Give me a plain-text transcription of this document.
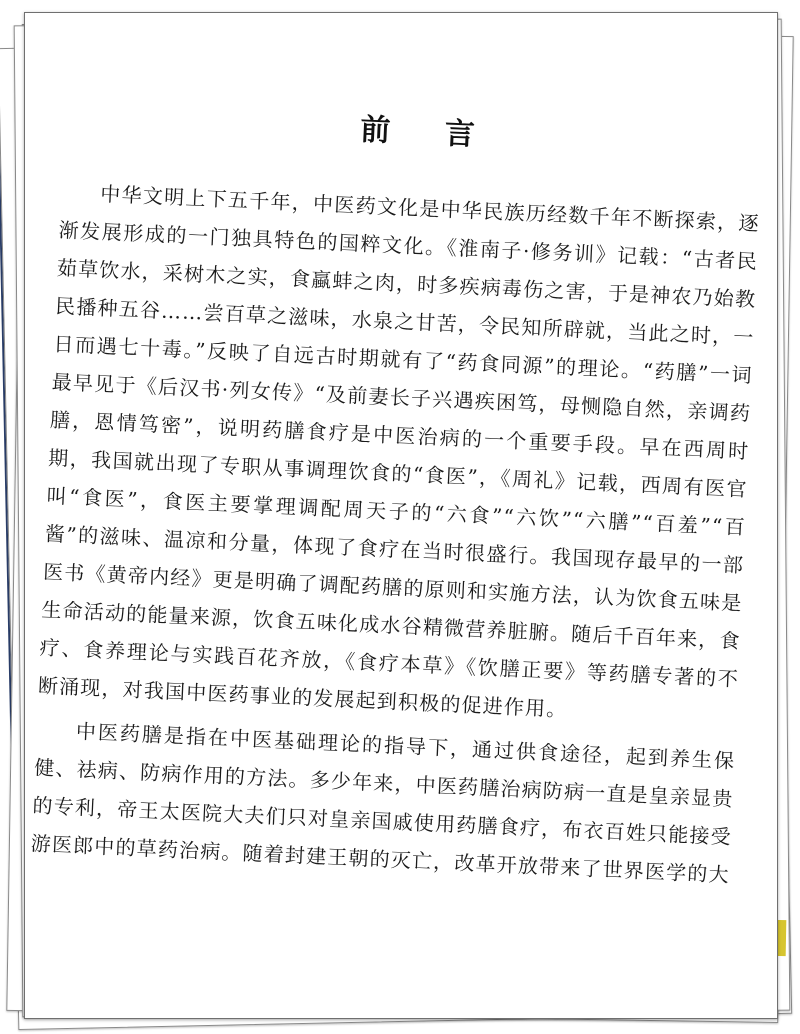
前 言

中华文明上下五千年，中医药文化是中华民族历经数千年不断探索，逐渐发展形成的一门独具特色的国粹文化。《淮南子·修务训》记载：“古者民茹草饮水，采树木之实，食蠃蚌之肉，时多疾病毒伤之害，于是神农乃始教民播种五谷……尝百草之滋味，水泉之甘苦，令民知所辟就，当此之时，一日而遇七十毒。”反映了自远古时期就有了“药食同源”的理论。“药膳”一词最早见于《后汉书·列女传》“及前妻长子兴遇疾困笃，母恻隐自然，亲调药膳，恩情笃密”，说明药膳食疗是中医治病的一个重要手段。早在西周时期，我国就出现了专职从事调理饮食的“食医”，《周礼》记载，西周有医官叫“食医”，食医主要掌理调配周天子的“六食”“六饮”“六膳”“百羞”“百酱”的滋味、温凉和分量，体现了食疗在当时很盛行。我国现存最早的一部医书《黄帝内经》更是明确了调配药膳的原则和实施方法，认为饮食五味是生命活动的能量来源，饮食五味化成水谷精微营养脏腑。随后千百年来，食疗、食养理论与实践百花齐放，《食疗本草》《饮膳正要》等药膳专著的不断涌现，对我国中医药事业的发展起到积极的促进作用。

中医药膳是指在中医基础理论的指导下，通过供食途径，起到养生保健、祛病、防病作用的方法。多少年来，中医药膳治病防病一直是皇亲显贵的专利，帝王太医院大夫们只对皇亲国戚使用药膳食疗，布衣百姓只能接受游医郎中的草药治病。随着封建王朝的灭亡，改革开放带来了世界医学的大
